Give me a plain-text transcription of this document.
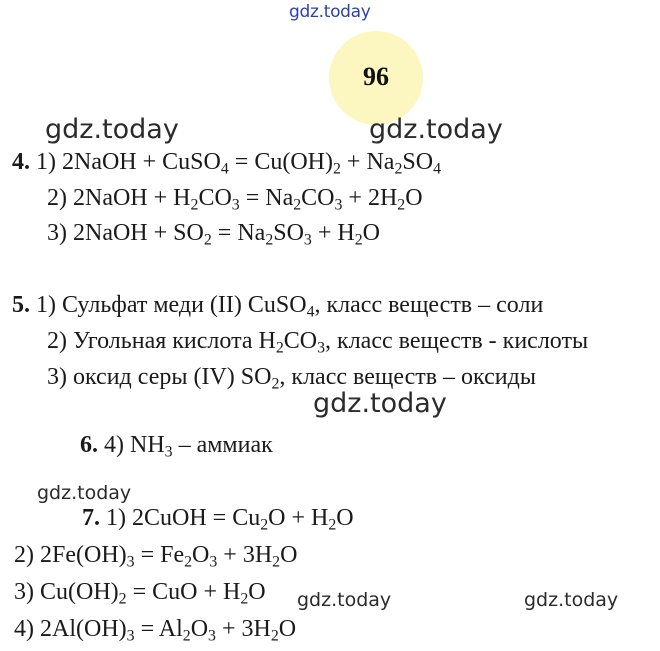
gdz.today
96
gdz.today	gdz.today
4. 1) 2NaOH + CuSO$_4$ = $Cu(OH)_2 + Na_2SO_4$
2) 2NaOH + $H_2CO_3 = Na_2CO_3 + 2H_2O$
3) 2NaOH + $SO_2 = Na_2SO_3 + H_2O$
5. 1) Сульфат меди (II) CuSO$_4$, класс веществ – соли
2) Угольная кислота $H_2CO_3$, класс веществ - кислоты
3) оксид серы (IV) $SO_2$, класс веществ – оксиды
gdz.today
6. 4) $NH_3$ – аммиак
gdz.today
7. 1) 2CuOH = $Cu_2O + H_2O$
2) $2Fe(OH)_3 = Fe_2O_3 + 3H_2O$
3) $Cu(OH)_2$ = CuO + $H_2O$
4) $2Al(OH)_3 = Al_2O_3 + 3H_2O$
gdz.today	gdz.today
